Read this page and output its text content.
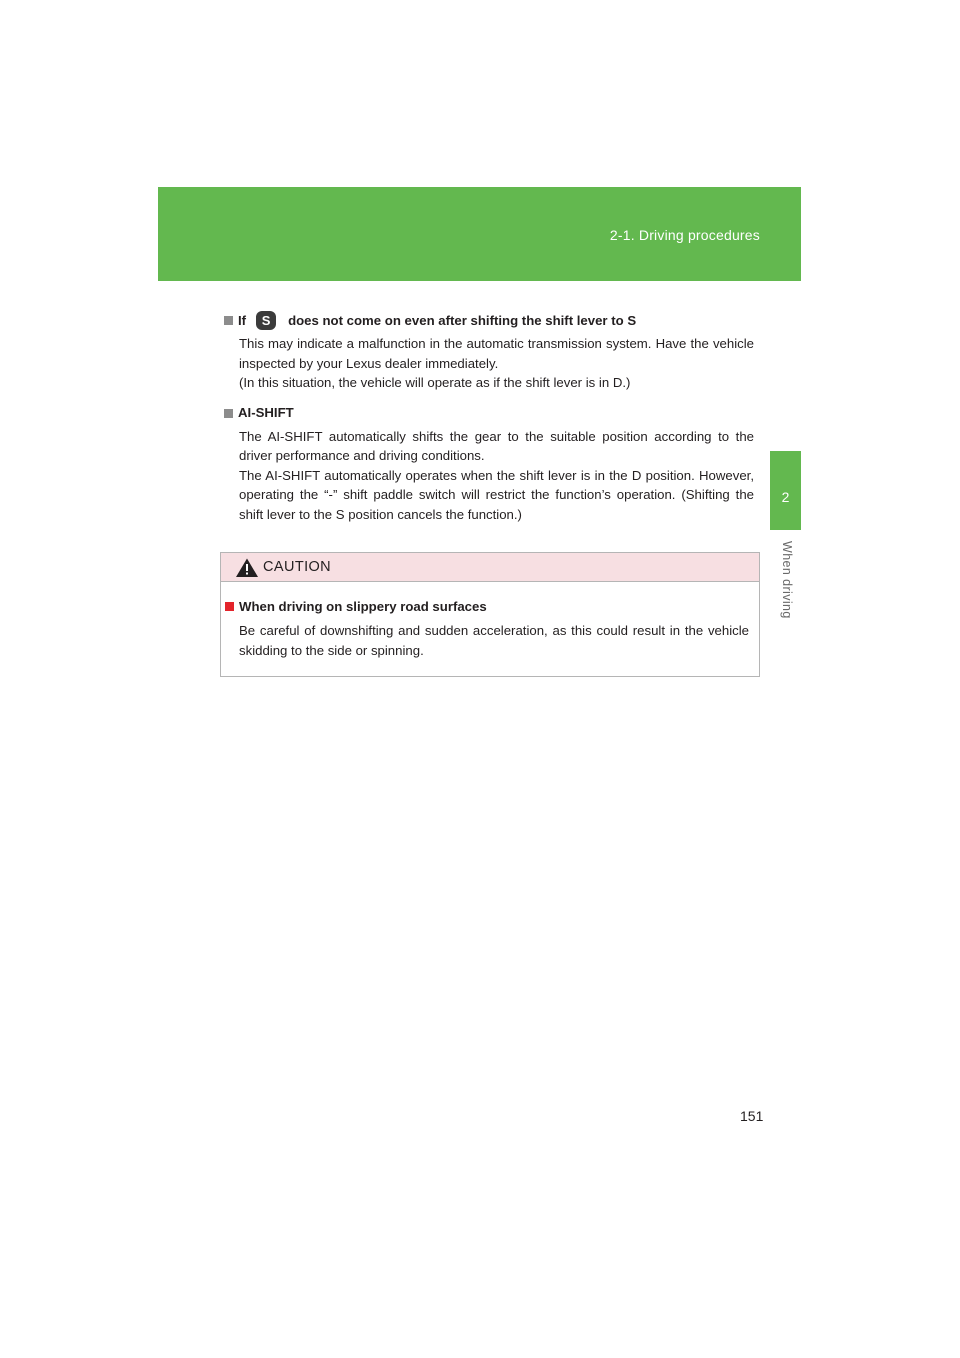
2-1. Driving procedures
2
When driving
If	S	does not come on even after shifting the shift lever to S

This may indicate a malfunction in the automatic transmission system. Have the vehicle inspected by your Lexus dealer immediately.

(In this situation, the vehicle will operate as if the shift lever is in D.)

AI-SHIFT

The AI-SHIFT automatically shifts the gear to the suitable position according to the driver performance and driving conditions.

The AI-SHIFT automatically operates when the shift lever is in the D position. However, operating the “-” shift paddle switch will restrict the function’s operation. (Shifting the shift lever to the S position cancels the function.)

CAUTION
When driving on slippery road surfaces
Be careful of downshifting and sudden acceleration, as this could result in the vehicle skidding to the side or spinning.
151
